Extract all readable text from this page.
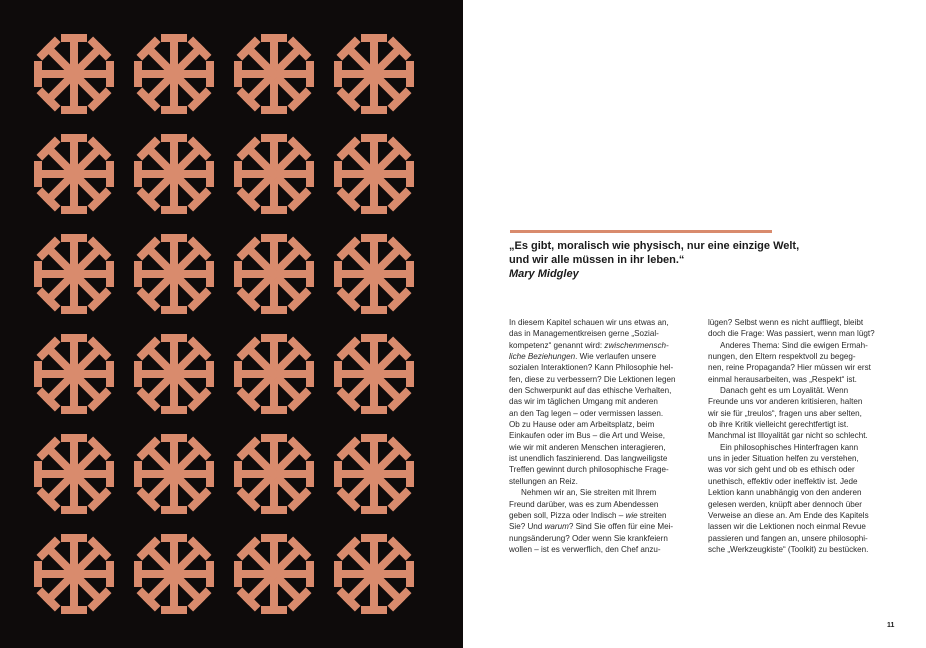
„Es gibt, moralisch wie physisch, nur eine einzige Welt,
und wir alle müssen in ihr leben.“
Mary Midgley
In diesem Kapitel schauen wir uns etwas an,
das in Managementkreisen gerne „Sozial-
kompetenz“ genannt wird: zwischenmensch-
liche Beziehungen. Wie verlaufen unsere
sozialen Interaktionen? Kann Philosophie hel-
fen, diese zu verbessern? Die Lektionen legen
den Schwerpunkt auf das ethische Verhalten,
das wir im täglichen Umgang mit anderen
an den Tag legen – oder vermissen lassen.
Ob zu Hause oder am Arbeitsplatz, beim
Einkaufen oder im Bus – die Art und Weise,
wie wir mit anderen Menschen interagieren,
ist unendlich faszinierend. Das langweiligste
Treffen gewinnt durch philosophische Frage-
stellungen an Reiz.
Nehmen wir an, Sie streiten mit Ihrem
Freund darüber, was es zum Abendessen
geben soll, Pizza oder Indisch – wie streiten
Sie? Und warum? Sind Sie offen für eine Mei-
nungsänderung? Oder wenn Sie krankfeiern
wollen – ist es verwerflich, den Chef anzu-
lügen? Selbst wenn es nicht auffliegt, bleibt
doch die Frage: Was passiert, wenn man lügt?
Anderes Thema: Sind die ewigen Ermah-
nungen, den Eltern respektvoll zu begeg-
nen, reine Propaganda? Hier müssen wir erst
einmal herausarbeiten, was „Respekt“ ist.
Danach geht es um Loyalität. Wenn
Freunde uns vor anderen kritisieren, halten
wir sie für „treulos“, fragen uns aber selten,
ob ihre Kritik vielleicht gerechtfertigt ist.
Manchmal ist Illoyalität gar nicht so schlecht.
Ein philosophisches Hinterfragen kann
uns in jeder Situation helfen zu verstehen,
was vor sich geht und ob es ethisch oder
unethisch, effektiv oder ineffektiv ist. Jede
Lektion kann unabhängig von den anderen
gelesen werden, knüpft aber dennoch über
Verweise an diese an. Am Ende des Kapitels
lassen wir die Lektionen noch einmal Revue
passieren und fangen an, unsere philosophi-
sche „Werkzeugkiste“ (Toolkit) zu bestücken.
11
